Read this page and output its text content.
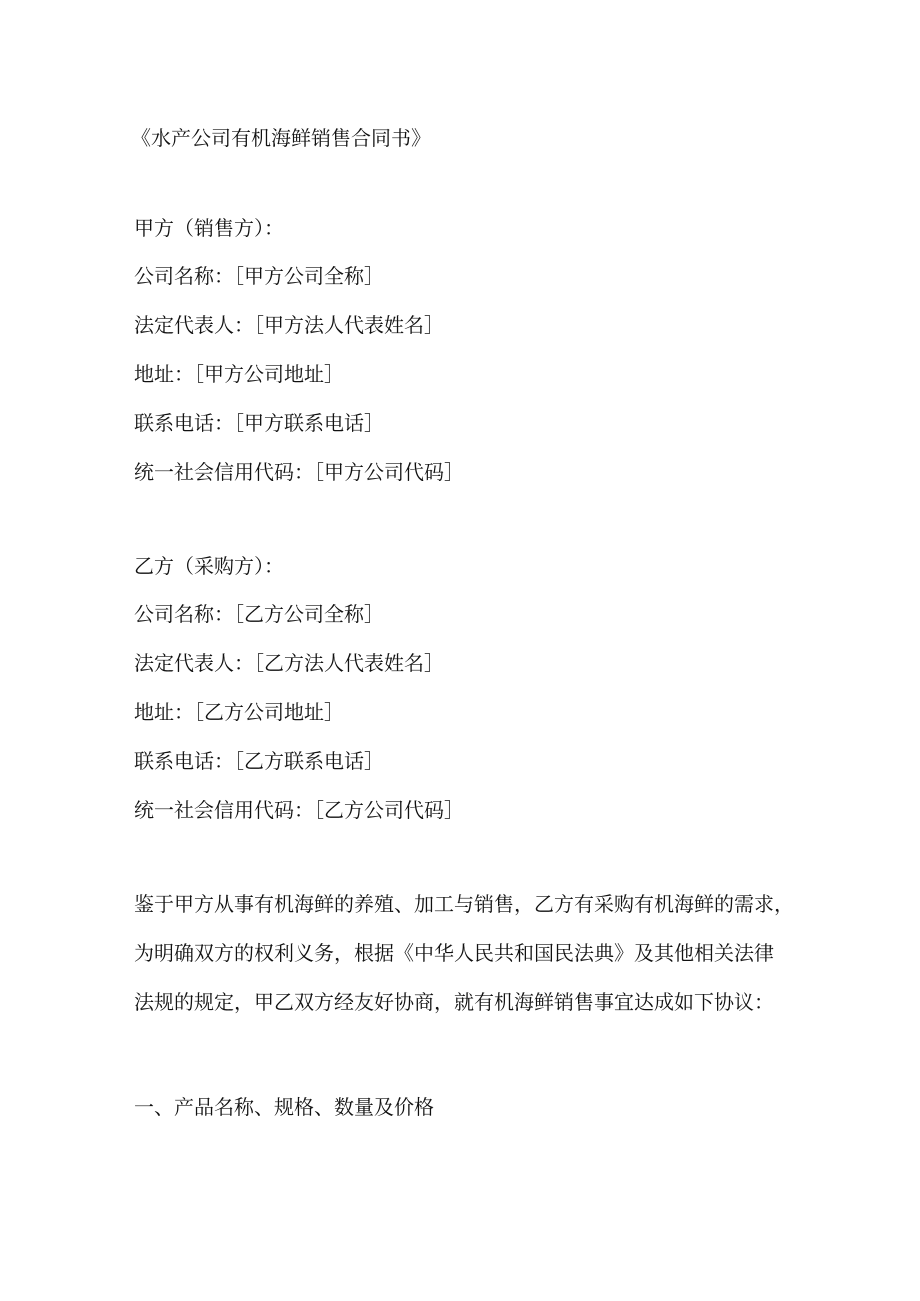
《水产公司有机海鲜销售合同书》
甲方（销售方）：
公司名称：［甲方公司全称］
法定代表人：［甲方法人代表姓名］
地址：［甲方公司地址］
联系电话：［甲方联系电话］
统一社会信用代码：［甲方公司代码］
乙方（采购方）：
公司名称：［乙方公司全称］
法定代表人：［乙方法人代表姓名］
地址：［乙方公司地址］
联系电话：［乙方联系电话］
统一社会信用代码：［乙方公司代码］
鉴于甲方从事有机海鲜的养殖、加工与销售，乙方有采购有机海鲜的需求，
为明确双方的权利义务，根据《中华人民共和国民法典》及其他相关法律
法规的规定，甲乙双方经友好协商，就有机海鲜销售事宜达成如下协议：
一、产品名称、规格、数量及价格
